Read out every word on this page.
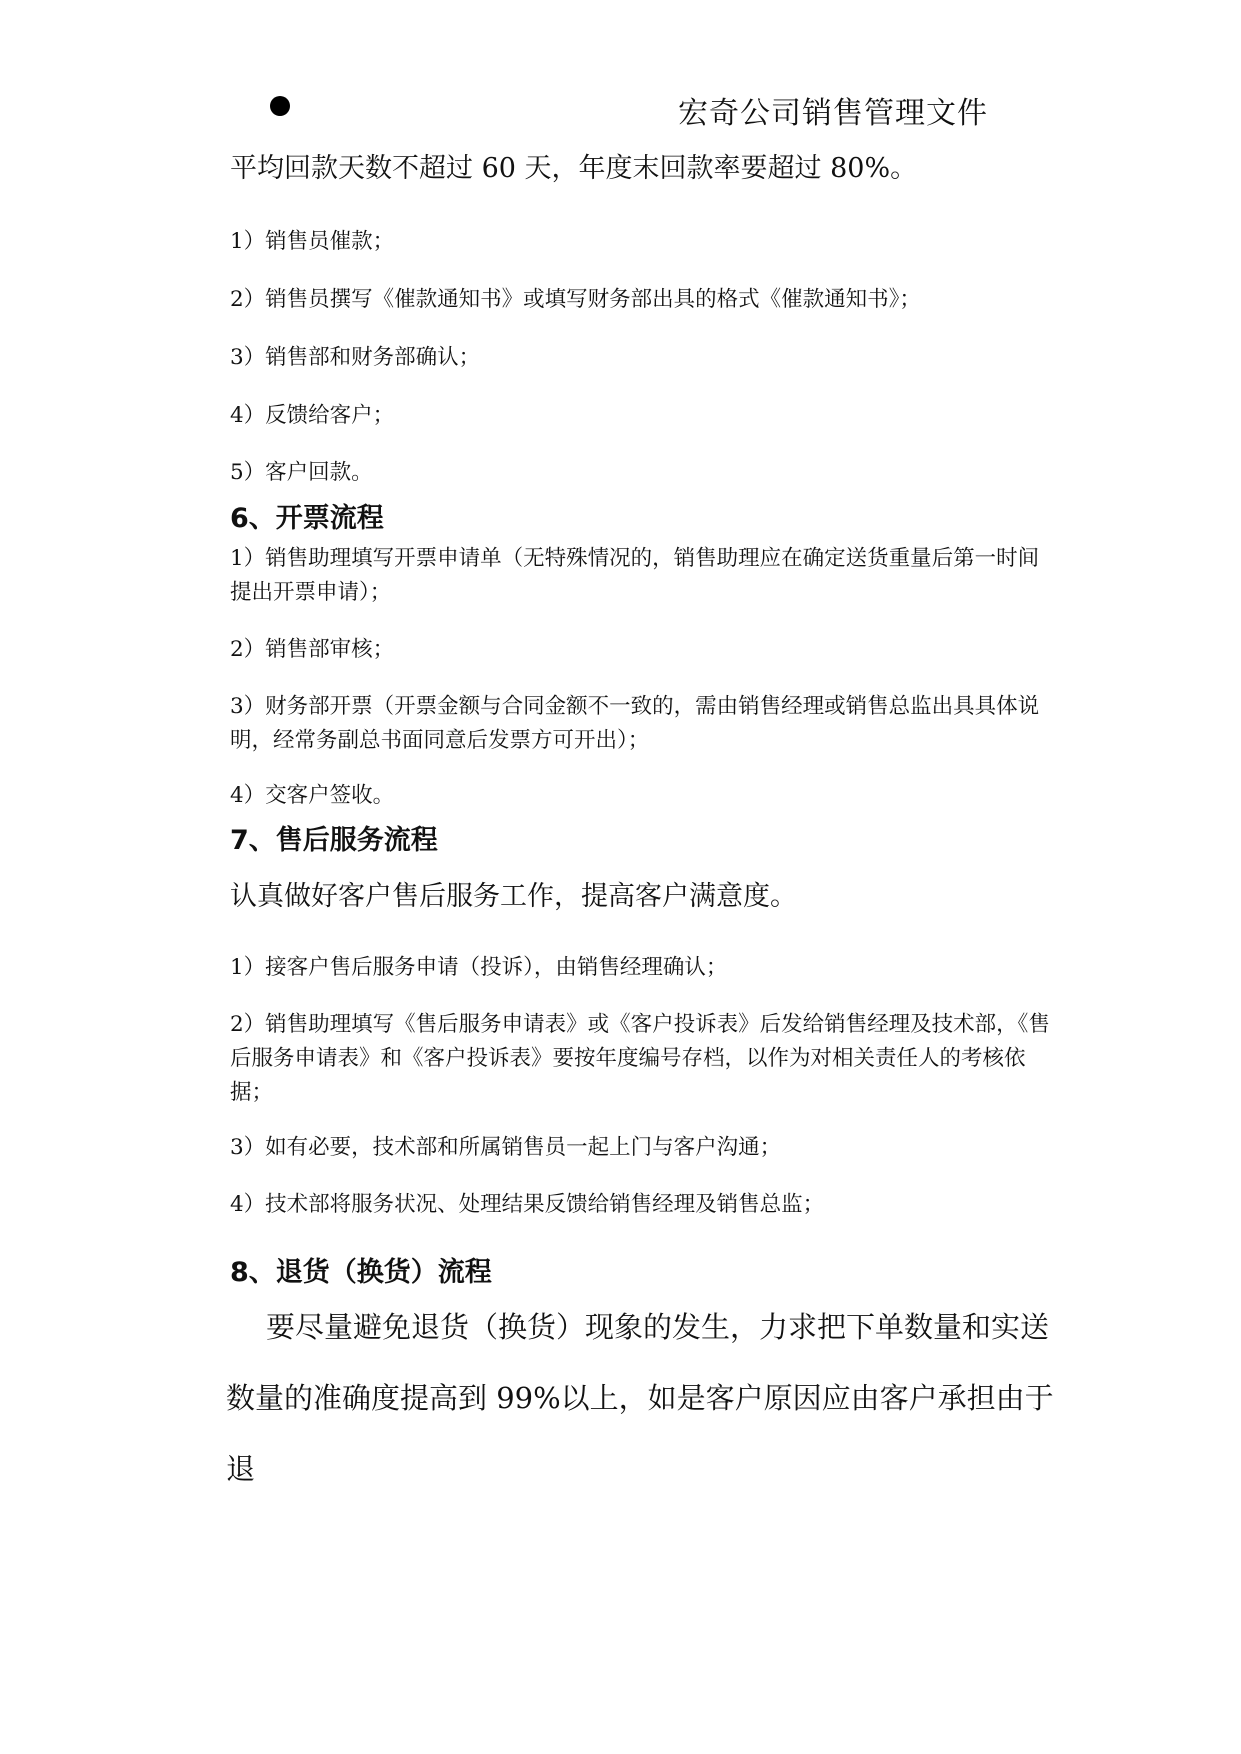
宏奇公司销售管理文件
平均回款天数不超过 60 天，年度末回款率要超过 80%。
1）销售员催款；
2）销售员撰写《催款通知书》或填写财务部出具的格式《催款通知书》；
3）销售部和财务部确认；
4）反馈给客户；
5）客户回款。
6、开票流程
1）销售助理填写开票申请单（无特殊情况的，销售助理应在确定送货重量后第一时间提出开票申请）；
2）销售部审核；
3）财务部开票（开票金额与合同金额不一致的，需由销售经理或销售总监出具具体说明，经常务副总书面同意后发票方可开出）；
4）交客户签收。
7、售后服务流程
认真做好客户售后服务工作，提高客户满意度。
1）接客户售后服务申请（投诉），由销售经理确认；
2）销售助理填写《售后服务申请表》或《客户投诉表》后发给销售经理及技术部，《售后服务申请表》和《客户投诉表》要按年度编号存档，以作为对相关责任人的考核依据；
3）如有必要，技术部和所属销售员一起上门与客户沟通；
4）技术部将服务状况、处理结果反馈给销售经理及销售总监；
8、退货（换货）流程
要尽量避免退货（换货）现象的发生，力求把下单数量和实送数量的准确度提高到 99%以上，如是客户原因应由客户承担由于退
